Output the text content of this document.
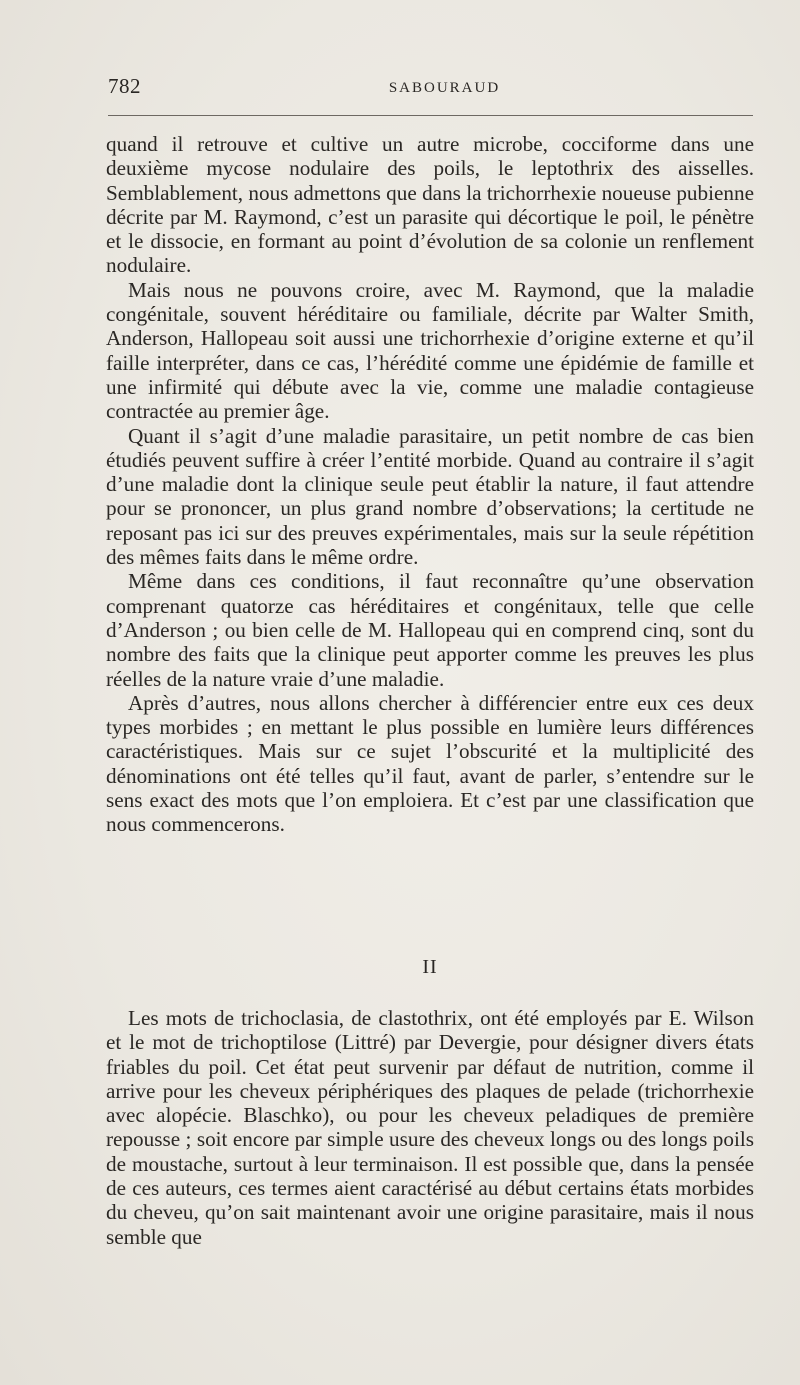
782	SABOURAUD

quand il retrouve et cultive un autre microbe, cocciforme dans une deuxième mycose nodulaire des poils, le leptothrix des aisselles. Semblablement, nous admettons que dans la trichorrhexie noueuse pubienne décrite par M. Raymond, c’est un parasite qui décortique le poil, le pénètre et le dissocie, en formant au point d’évolution de sa colonie un renflement nodulaire.

Mais nous ne pouvons croire, avec M. Raymond, que la maladie congénitale, souvent héréditaire ou familiale, décrite par Walter Smith, Anderson, Hallopeau soit aussi une trichorrhexie d’origine externe et qu’il faille interpréter, dans ce cas, l’hérédité comme une épidémie de famille et une infirmité qui débute avec la vie, comme une maladie contagieuse contractée au premier âge.

Quant il s’agit d’une maladie parasitaire, un petit nombre de cas bien étudiés peuvent suffire à créer l’entité morbide. Quand au contraire il s’agit d’une maladie dont la clinique seule peut établir la nature, il faut attendre pour se prononcer, un plus grand nombre d’observations; la certitude ne reposant pas ici sur des preuves expérimentales, mais sur la seule répétition des mêmes faits dans le même ordre.

Même dans ces conditions, il faut reconnaître qu’une observation comprenant quatorze cas héréditaires et congénitaux, telle que celle d’Anderson ; ou bien celle de M. Hallopeau qui en comprend cinq, sont du nombre des faits que la clinique peut apporter comme les preuves les plus réelles de la nature vraie d’une maladie.

Après d’autres, nous allons chercher à différencier entre eux ces deux types morbides ; en mettant le plus possible en lumière leurs différences caractéristiques. Mais sur ce sujet l’obscurité et la multiplicité des dénominations ont été telles qu’il faut, avant de parler, s’entendre sur le sens exact des mots que l’on emploiera. Et c’est par une classification que nous commencerons.

II

Les mots de trichoclasia, de clastothrix, ont été employés par E. Wilson et le mot de trichoptilose (Littré) par Devergie, pour désigner divers états friables du poil. Cet état peut survenir par défaut de nutrition, comme il arrive pour les cheveux périphériques des plaques de pelade (trichorrhexie avec alopécie. Blaschko), ou pour les cheveux peladiques de première repousse ; soit encore par simple usure des cheveux longs ou des longs poils de moustache, surtout à leur terminaison. Il est possible que, dans la pensée de ces auteurs, ces termes aient caractérisé au début certains états morbides du cheveu, qu’on sait maintenant avoir une origine parasitaire, mais il nous semble que
